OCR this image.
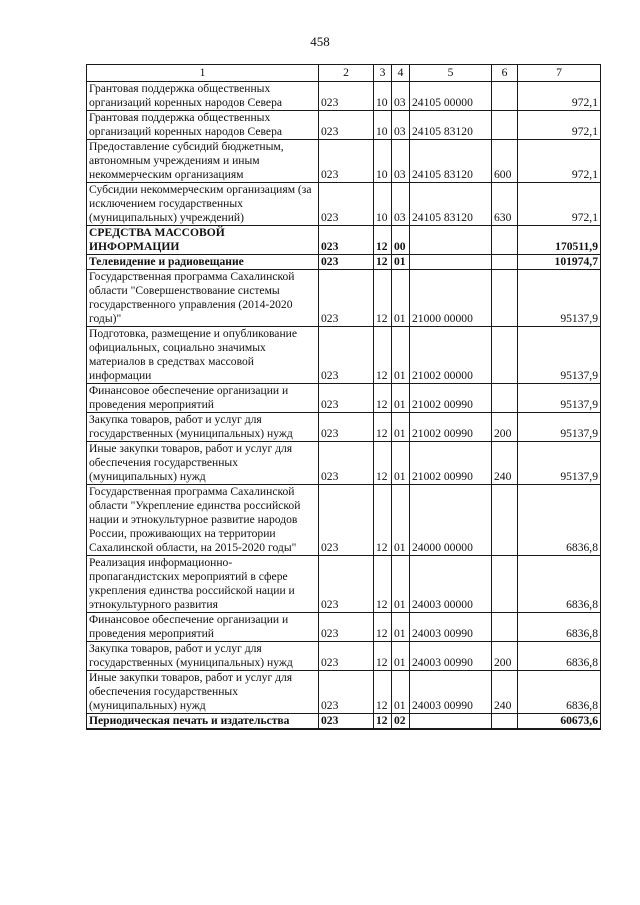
458
1	2	3	4	5	6	7
Грантовая поддержка общественных организаций коренных народов Севера	023	10	03	24105 00000		972,1
Грантовая поддержка общественных организаций коренных народов Севера	023	10	03	24105 83120		972,1
Предоставление субсидий бюджетным, автономным учреждениям и иным некоммерческим организациям	023	10	03	24105 83120	600	972,1
Субсидии некоммерческим организациям (за исключением государственных (муниципальных) учреждений)	023	10	03	24105 83120	630	972,1
СРЕДСТВА МАССОВОЙ ИНФОРМАЦИИ	023	12	00			170511,9
Телевидение и радиовещание	023	12	01			101974,7
Государственная программа Сахалинской области "Совершенствование системы государственного управления (2014-2020 годы)"	023	12	01	21000 00000		95137,9
Подготовка, размещение и опубликование официальных, социально значимых материалов в средствах массовой информации	023	12	01	21002 00000		95137,9
Финансовое обеспечение организации и проведения мероприятий	023	12	01	21002 00990		95137,9
Закупка товаров, работ и услуг для государственных (муниципальных) нужд	023	12	01	21002 00990	200	95137,9
Иные закупки товаров, работ и услуг для обеспечения государственных (муниципальных) нужд	023	12	01	21002 00990	240	95137,9
Государственная программа Сахалинской области "Укрепление единства российской нации и этнокультурное развитие народов России, проживающих на территории Сахалинской области, на 2015-2020 годы"	023	12	01	24000 00000		6836,8
Реализация информационно-пропагандистских мероприятий в сфере укрепления единства российской нации и этнокультурного развития	023	12	01	24003 00000		6836,8
Финансовое обеспечение организации и проведения мероприятий	023	12	01	24003 00990		6836,8
Закупка товаров, работ и услуг для государственных (муниципальных) нужд	023	12	01	24003 00990	200	6836,8
Иные закупки товаров, работ и услуг для обеспечения государственных (муниципальных) нужд	023	12	01	24003 00990	240	6836,8
Периодическая печать и издательства	023	12	02			60673,6
